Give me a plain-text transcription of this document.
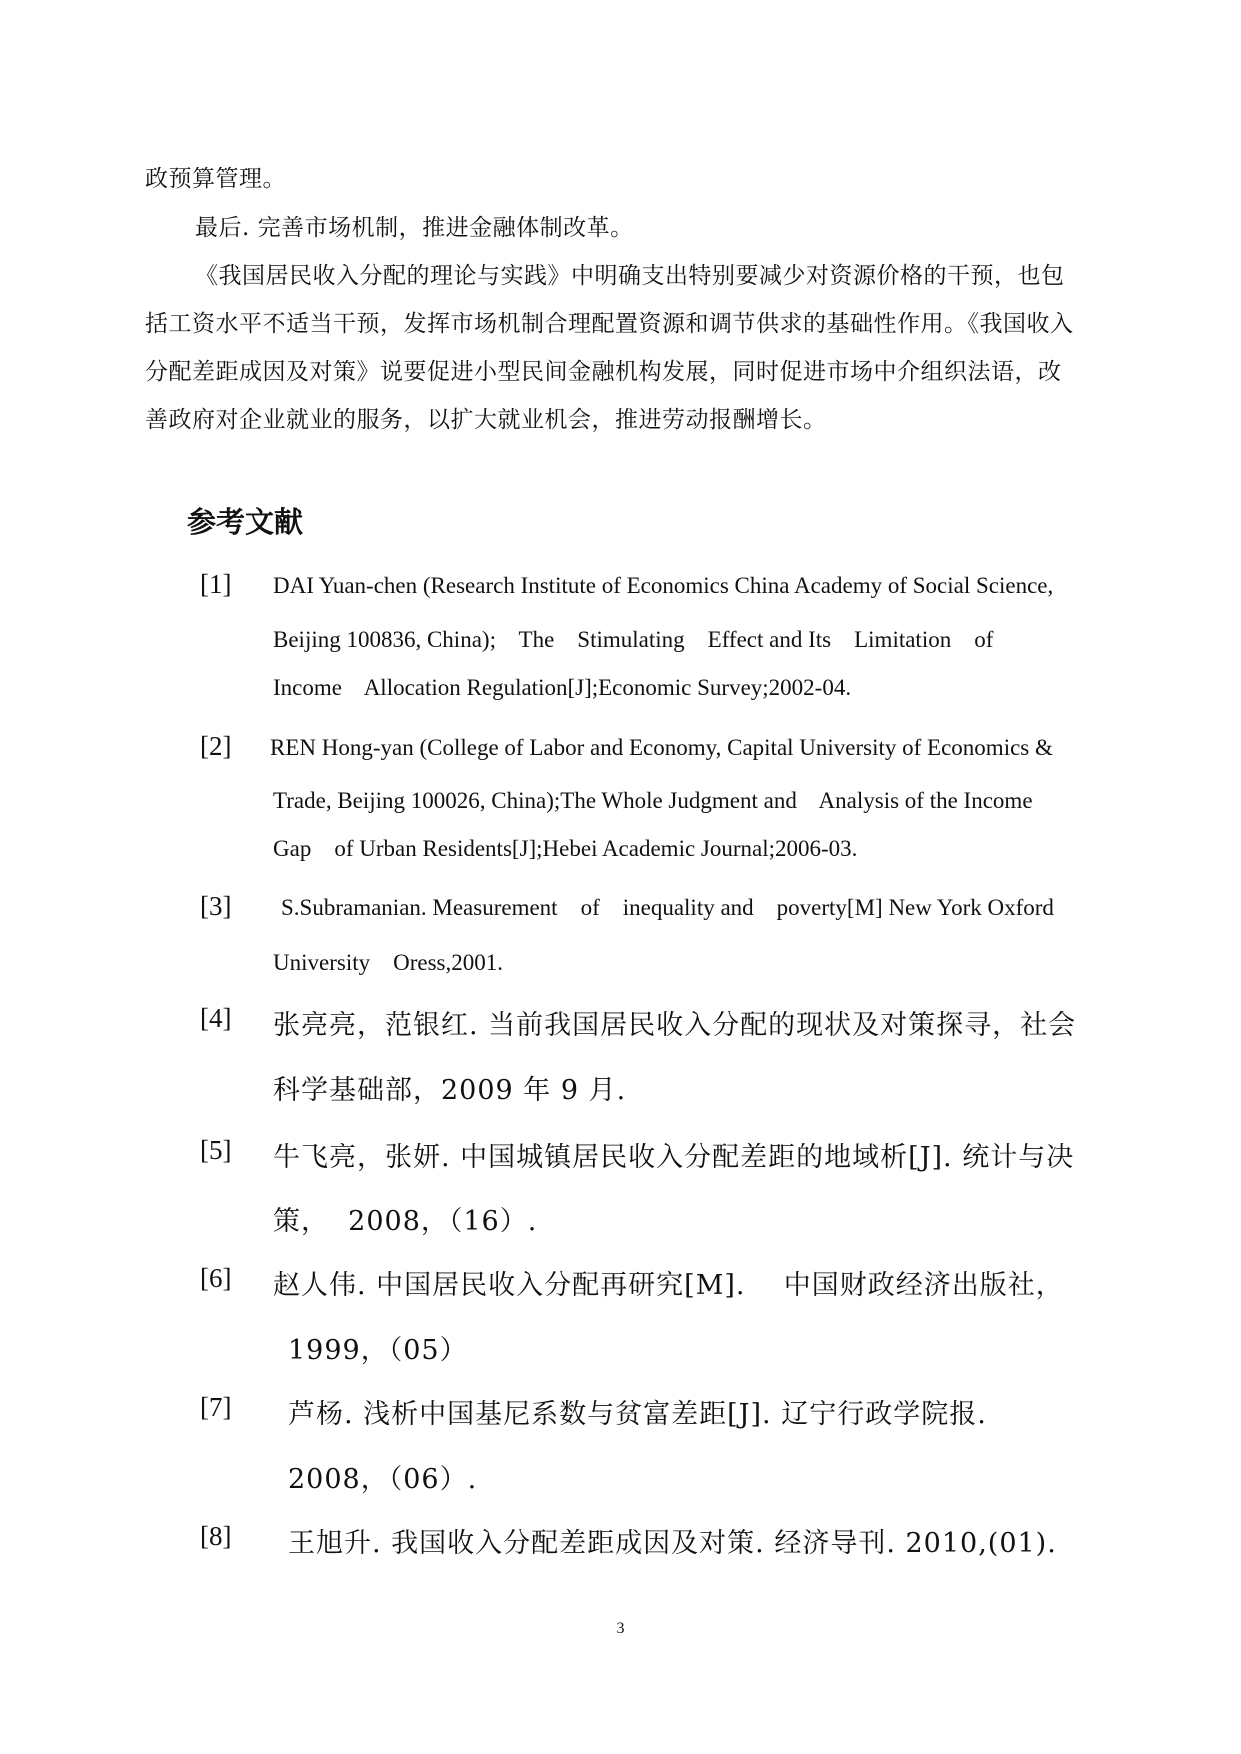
政预算管理。
最后. 完善市场机制，推进金融体制改革。
《我国居民收入分配的理论与实践》中明确支出特别要减少对资源价格的干预，也包
括工资水平不适当干预，发挥市场机制合理配置资源和调节供求的基础性作用。《我国收入
分配差距成因及对策》说要促进小型民间金融机构发展，同时促进市场中介组织法语，改
善政府对企业就业的服务，以扩大就业机会，推进劳动报酬增长。
参考文献
[1] DAI Yuan-chen (Research Institute of Economics China Academy of Social Science,
Beijing 100836, China);    The    Stimulating    Effect and Its    Limitation    of
Income    Allocation Regulation[J];Economic Survey;2002-04.
[2] REN Hong-yan (College of Labor and Economy, Capital University of Economics &
Trade, Beijing 100026, China);The Whole Judgment and    Analysis of the Income
Gap    of Urban Residents[J];Hebei Academic Journal;2006-03.
[3] S.Subramanian. Measurement    of    inequality and    poverty[M] New York Oxford
University    Oress,2001.
[4] 张亮亮，范银红. 当前我国居民收入分配的现状及对策探寻，社会
科学基础部，2009 年 9 月.
[5] 牛飞亮，张妍. 中国城镇居民收入分配差距的地域析[J]. 统计与决
策，  2008，（16）.
[6] 赵人伟. 中国居民收入分配再研究[M].    中国财政经济出版社，
1999，（05）
[7] 芦杨. 浅析中国基尼系数与贫富差距[J]. 辽宁行政学院报.
2008，（06）.
[8] 王旭升. 我国收入分配差距成因及对策. 经济导刊. 2010,(01).
3
